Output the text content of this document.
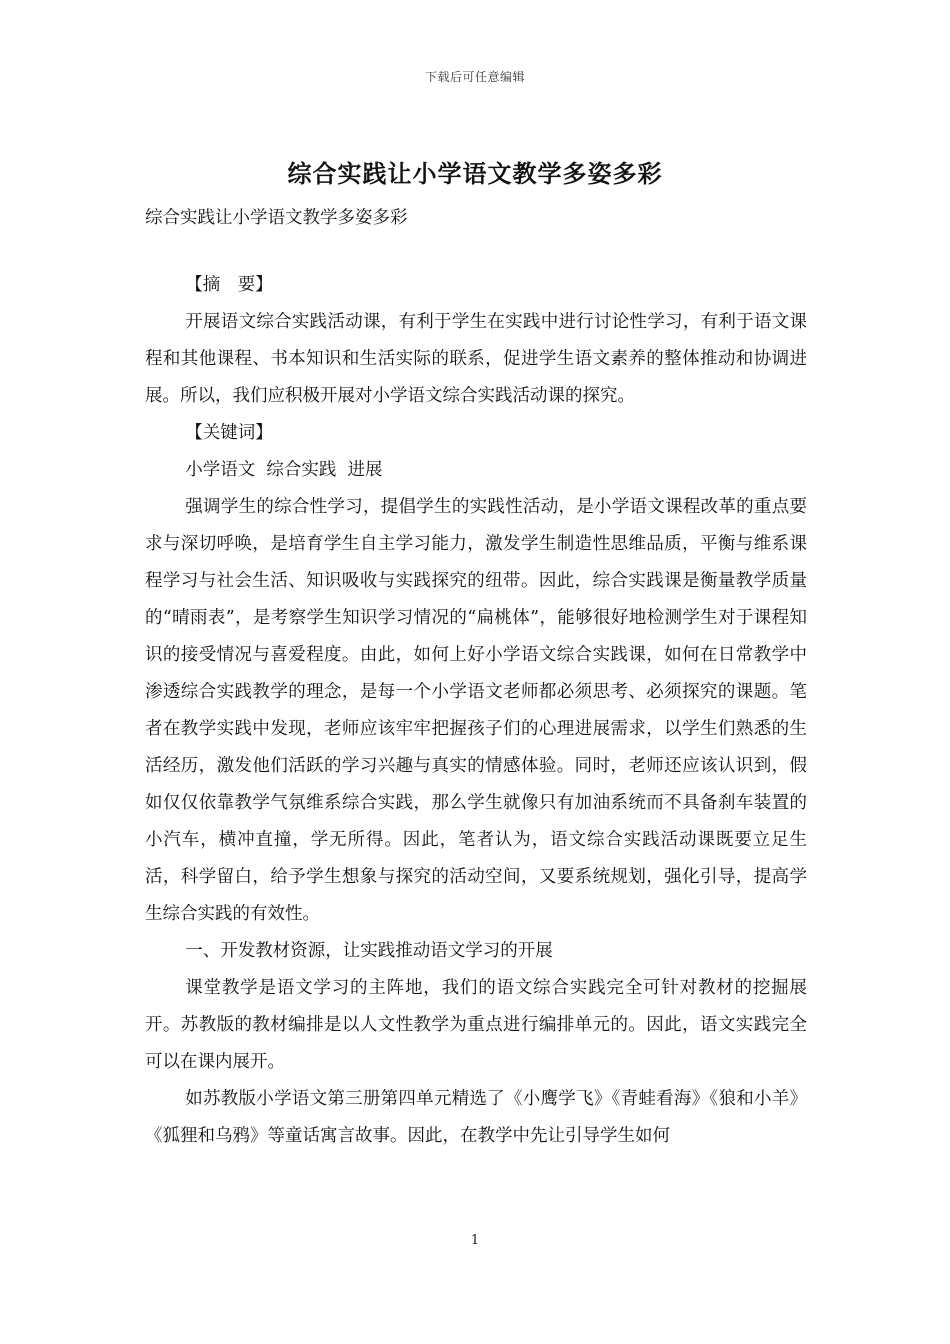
下载后可任意编辑
综合实践让小学语文教学多姿多彩

综合实践让小学语文教学多姿多彩

【摘　要】

开展语文综合实践活动课，有利于学生在实践中进行讨论性学习，有利于语文课程和其他课程、书本知识和生活实际的联系，促进学生语文素养的整体推动和协调进展。所以，我们应积极开展对小学语文综合实践活动课的探究。

【关键词】

小学语文  综合实践  进展

强调学生的综合性学习，提倡学生的实践性活动，是小学语文课程改革的重点要求与深切呼唤，是培育学生自主学习能力，激发学生制造性思维品质，平衡与维系课程学习与社会生活、知识吸收与实践探究的纽带。因此，综合实践课是衡量教学质量的“晴雨表”，是考察学生知识学习情况的“扁桃体”，能够很好地检测学生对于课程知识的接受情况与喜爱程度。由此，如何上好小学语文综合实践课，如何在日常教学中渗透综合实践教学的理念，是每一个小学语文老师都必须思考、必须探究的课题。笔者在教学实践中发现，老师应该牢牢把握孩子们的心理进展需求，以学生们熟悉的生活经历，激发他们活跃的学习兴趣与真实的情感体验。同时，老师还应该认识到，假如仅仅依靠教学气氛维系综合实践，那么学生就像只有加油系统而不具备刹车装置的小汽车，横冲直撞，学无所得。因此，笔者认为，语文综合实践活动课既要立足生活，科学留白，给予学生想象与探究的活动空间，又要系统规划，强化引导，提高学生综合实践的有效性。

一、开发教材资源，让实践推动语文学习的开展

课堂教学是语文学习的主阵地，我们的语文综合实践完全可针对教材的挖掘展开。苏教版的教材编排是以人文性教学为重点进行编排单元的。因此，语文实践完全可以在课内展开。

如苏教版小学语文第三册第四单元精选了《小鹰学飞》《青蛙看海》《狼和小羊》《狐狸和乌鸦》等童话寓言故事。因此，在教学中先让引导学生如何

1
